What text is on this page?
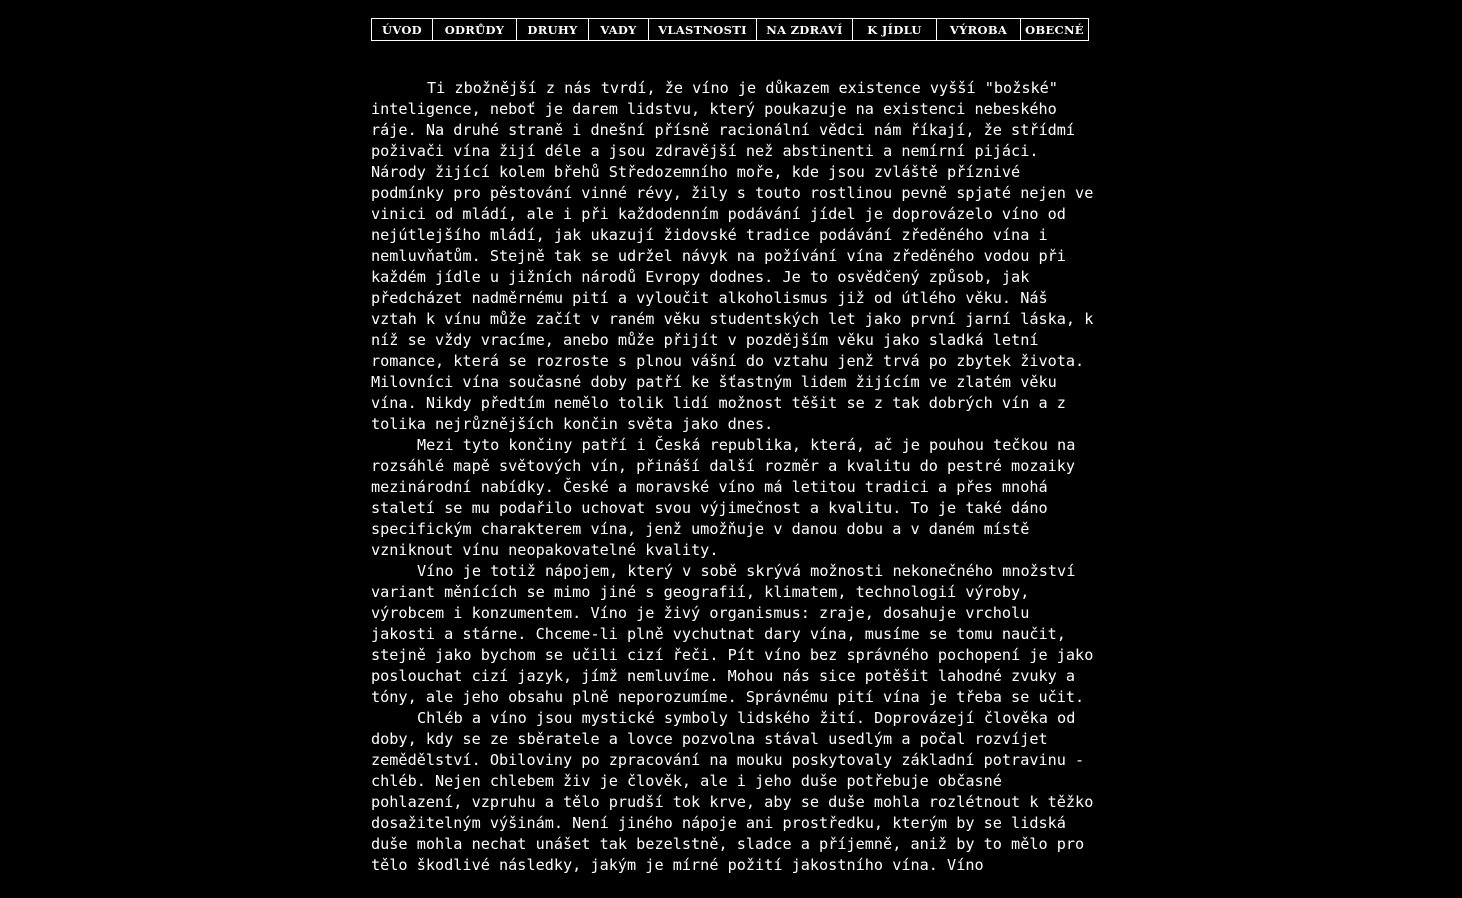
ÚVOD	ODRŮDY	DRUHY	VADY	VLASTNOSTI	NA ZDRAVÍ	K JÍDLU	VÝROBA	OBECNÉ

Ti zbožnější z nás tvrdí, že víno je důkazem existence vyšší "božské" inteligence, neboť je darem lidstvu, který poukazuje na existenci nebeského ráje. Na druhé straně i dnešní přísně racionální vědci nám říkají, že střídmí poživači vína žijí déle a jsou zdravější než abstinenti a nemírní pijáci. Národy žijící kolem břehů Středozemního moře, kde jsou zvláště příznivé podmínky pro pěstování vinné révy, žily s touto rostlinou pevně spjaté nejen ve vinici od mládí, ale i při každodenním podávání jídel je doprovázelo víno od nejútlejšího mládí, jak ukazují židovské tradice podávání zředěného vína i nemluvňatům. Stejně tak se udržel návyk na požívání vína zředěného vodou při každém jídle u jižních národů Evropy dodnes. Je to osvědčený způsob, jak předcházet nadměrnému pití a vyloučit alkoholismus již od útlého věku. Náš vztah k vínu může začít v raném věku studentských let jako první jarní láska, k níž se vždy vracíme, anebo může přijít v pozdějším věku jako sladká letní romance, která se rozroste s plnou vášní do vztahu jenž trvá po zbytek života. Milovníci vína současné doby patří ke šťastným lidem žijícím ve zlatém věku vína. Nikdy předtím nemělo tolik lidí možnost těšit se z tak dobrých vín a z tolika nejrůznějších končin světa jako dnes.

Mezi tyto končiny patří i Česká republika, která, ač je pouhou tečkou na rozsáhlé mapě světových vín, přináší další rozměr a kvalitu do pestré mozaiky mezinárodní nabídky. České a moravské víno má letitou tradici a přes mnohá staletí se mu podařilo uchovat svou výjimečnost a kvalitu. To je také dáno specifickým charakterem vína, jenž umožňuje v danou dobu a v daném místě vzniknout vínu neopakovatelné kvality.

Víno je totiž nápojem, který v sobě skrývá možnosti nekonečného množství variant měnících se mimo jiné s geografií, klimatem, technologií výroby, výrobcem i konzumentem. Víno je živý organismus: zraje, dosahuje vrcholu jakosti a stárne. Chceme-li plně vychutnat dary vína, musíme se tomu naučit, stejně jako bychom se učili cizí řeči. Pít víno bez správného pochopení je jako poslouchat cizí jazyk, jímž nemluvíme. Mohou nás sice potěšit lahodné zvuky a tóny, ale jeho obsahu plně neporozumíme. Správnému pití vína je třeba se učit.

Chléb a víno jsou mystické symboly lidského žití. Doprovázejí člověka od doby, kdy se ze sběratele a lovce pozvolna stával usedlým a počal rozvíjet zemědělství. Obiloviny po zpracování na mouku poskytovaly základní potravinu - chléb. Nejen chlebem živ je člověk, ale i jeho duše potřebuje občasné pohlazení, vzpruhu a tělo prudší tok krve, aby se duše mohla rozlétnout k těžko dosažitelným výšinám. Není jiného nápoje ani prostředku, kterým by se lidská duše mohla nechat unášet tak bezelstně, sladce a příjemně, aniž by to mělo pro tělo škodlivé následky, jakým je mírné požití jakostního vína. Víno
